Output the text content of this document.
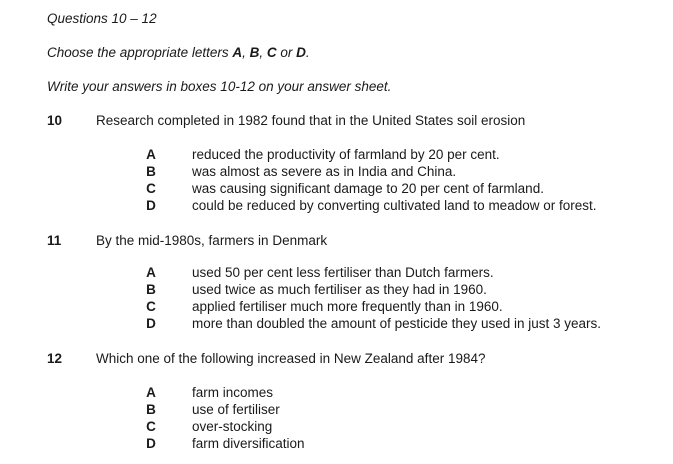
Questions 10 – 12
Choose the appropriate letters A, B, C or D.
Write your answers in boxes 10-12 on your answer sheet.
10	Research completed in 1982 found that in the United States soil erosion
A	reduced the productivity of farmland by 20 per cent.
B	was almost as severe as in India and China.
C	was causing significant damage to 20 per cent of farmland.
D	could be reduced by converting cultivated land to meadow or forest.
11	By the mid-1980s, farmers in Denmark
A	used 50 per cent less fertiliser than Dutch farmers.
B	used twice as much fertiliser as they had in 1960.
C	applied fertiliser much more frequently than in 1960.
D	more than doubled the amount of pesticide they used in just 3 years.
12	Which one of the following increased in New Zealand after 1984?
A	farm incomes
B	use of fertiliser
C	over-stocking
D	farm diversification
